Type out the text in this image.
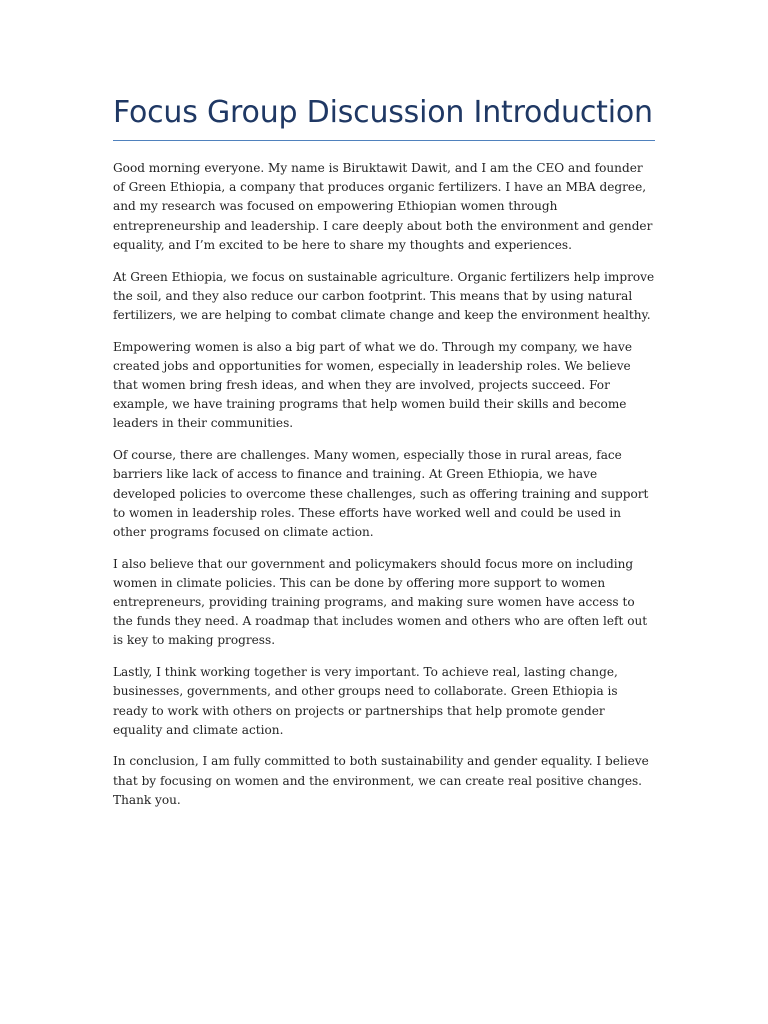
Focus Group Discussion Introduction

Good morning everyone. My name is Biruktawit Dawit, and I am the CEO and founder of Green Ethiopia, a company that produces organic fertilizers. I have an MBA degree, and my research was focused on empowering Ethiopian women through entrepreneurship and leadership. I care deeply about both the environment and gender equality, and I’m excited to be here to share my thoughts and experiences.

At Green Ethiopia, we focus on sustainable agriculture. Organic fertilizers help improve the soil, and they also reduce our carbon footprint. This means that by using natural fertilizers, we are helping to combat climate change and keep the environment healthy.

Empowering women is also a big part of what we do. Through my company, we have created jobs and opportunities for women, especially in leadership roles. We believe that women bring fresh ideas, and when they are involved, projects succeed. For example, we have training programs that help women build their skills and become leaders in their communities.

Of course, there are challenges. Many women, especially those in rural areas, face barriers like lack of access to finance and training. At Green Ethiopia, we have developed policies to overcome these challenges, such as offering training and support to women in leadership roles. These efforts have worked well and could be used in other programs focused on climate action.

I also believe that our government and policymakers should focus more on including women in climate policies. This can be done by offering more support to women entrepreneurs, providing training programs, and making sure women have access to the funds they need. A roadmap that includes women and others who are often left out is key to making progress.

Lastly, I think working together is very important. To achieve real, lasting change, businesses, governments, and other groups need to collaborate. Green Ethiopia is ready to work with others on projects or partnerships that help promote gender equality and climate action.

In conclusion, I am fully committed to both sustainability and gender equality. I believe that by focusing on women and the environment, we can create real positive changes. Thank you.
